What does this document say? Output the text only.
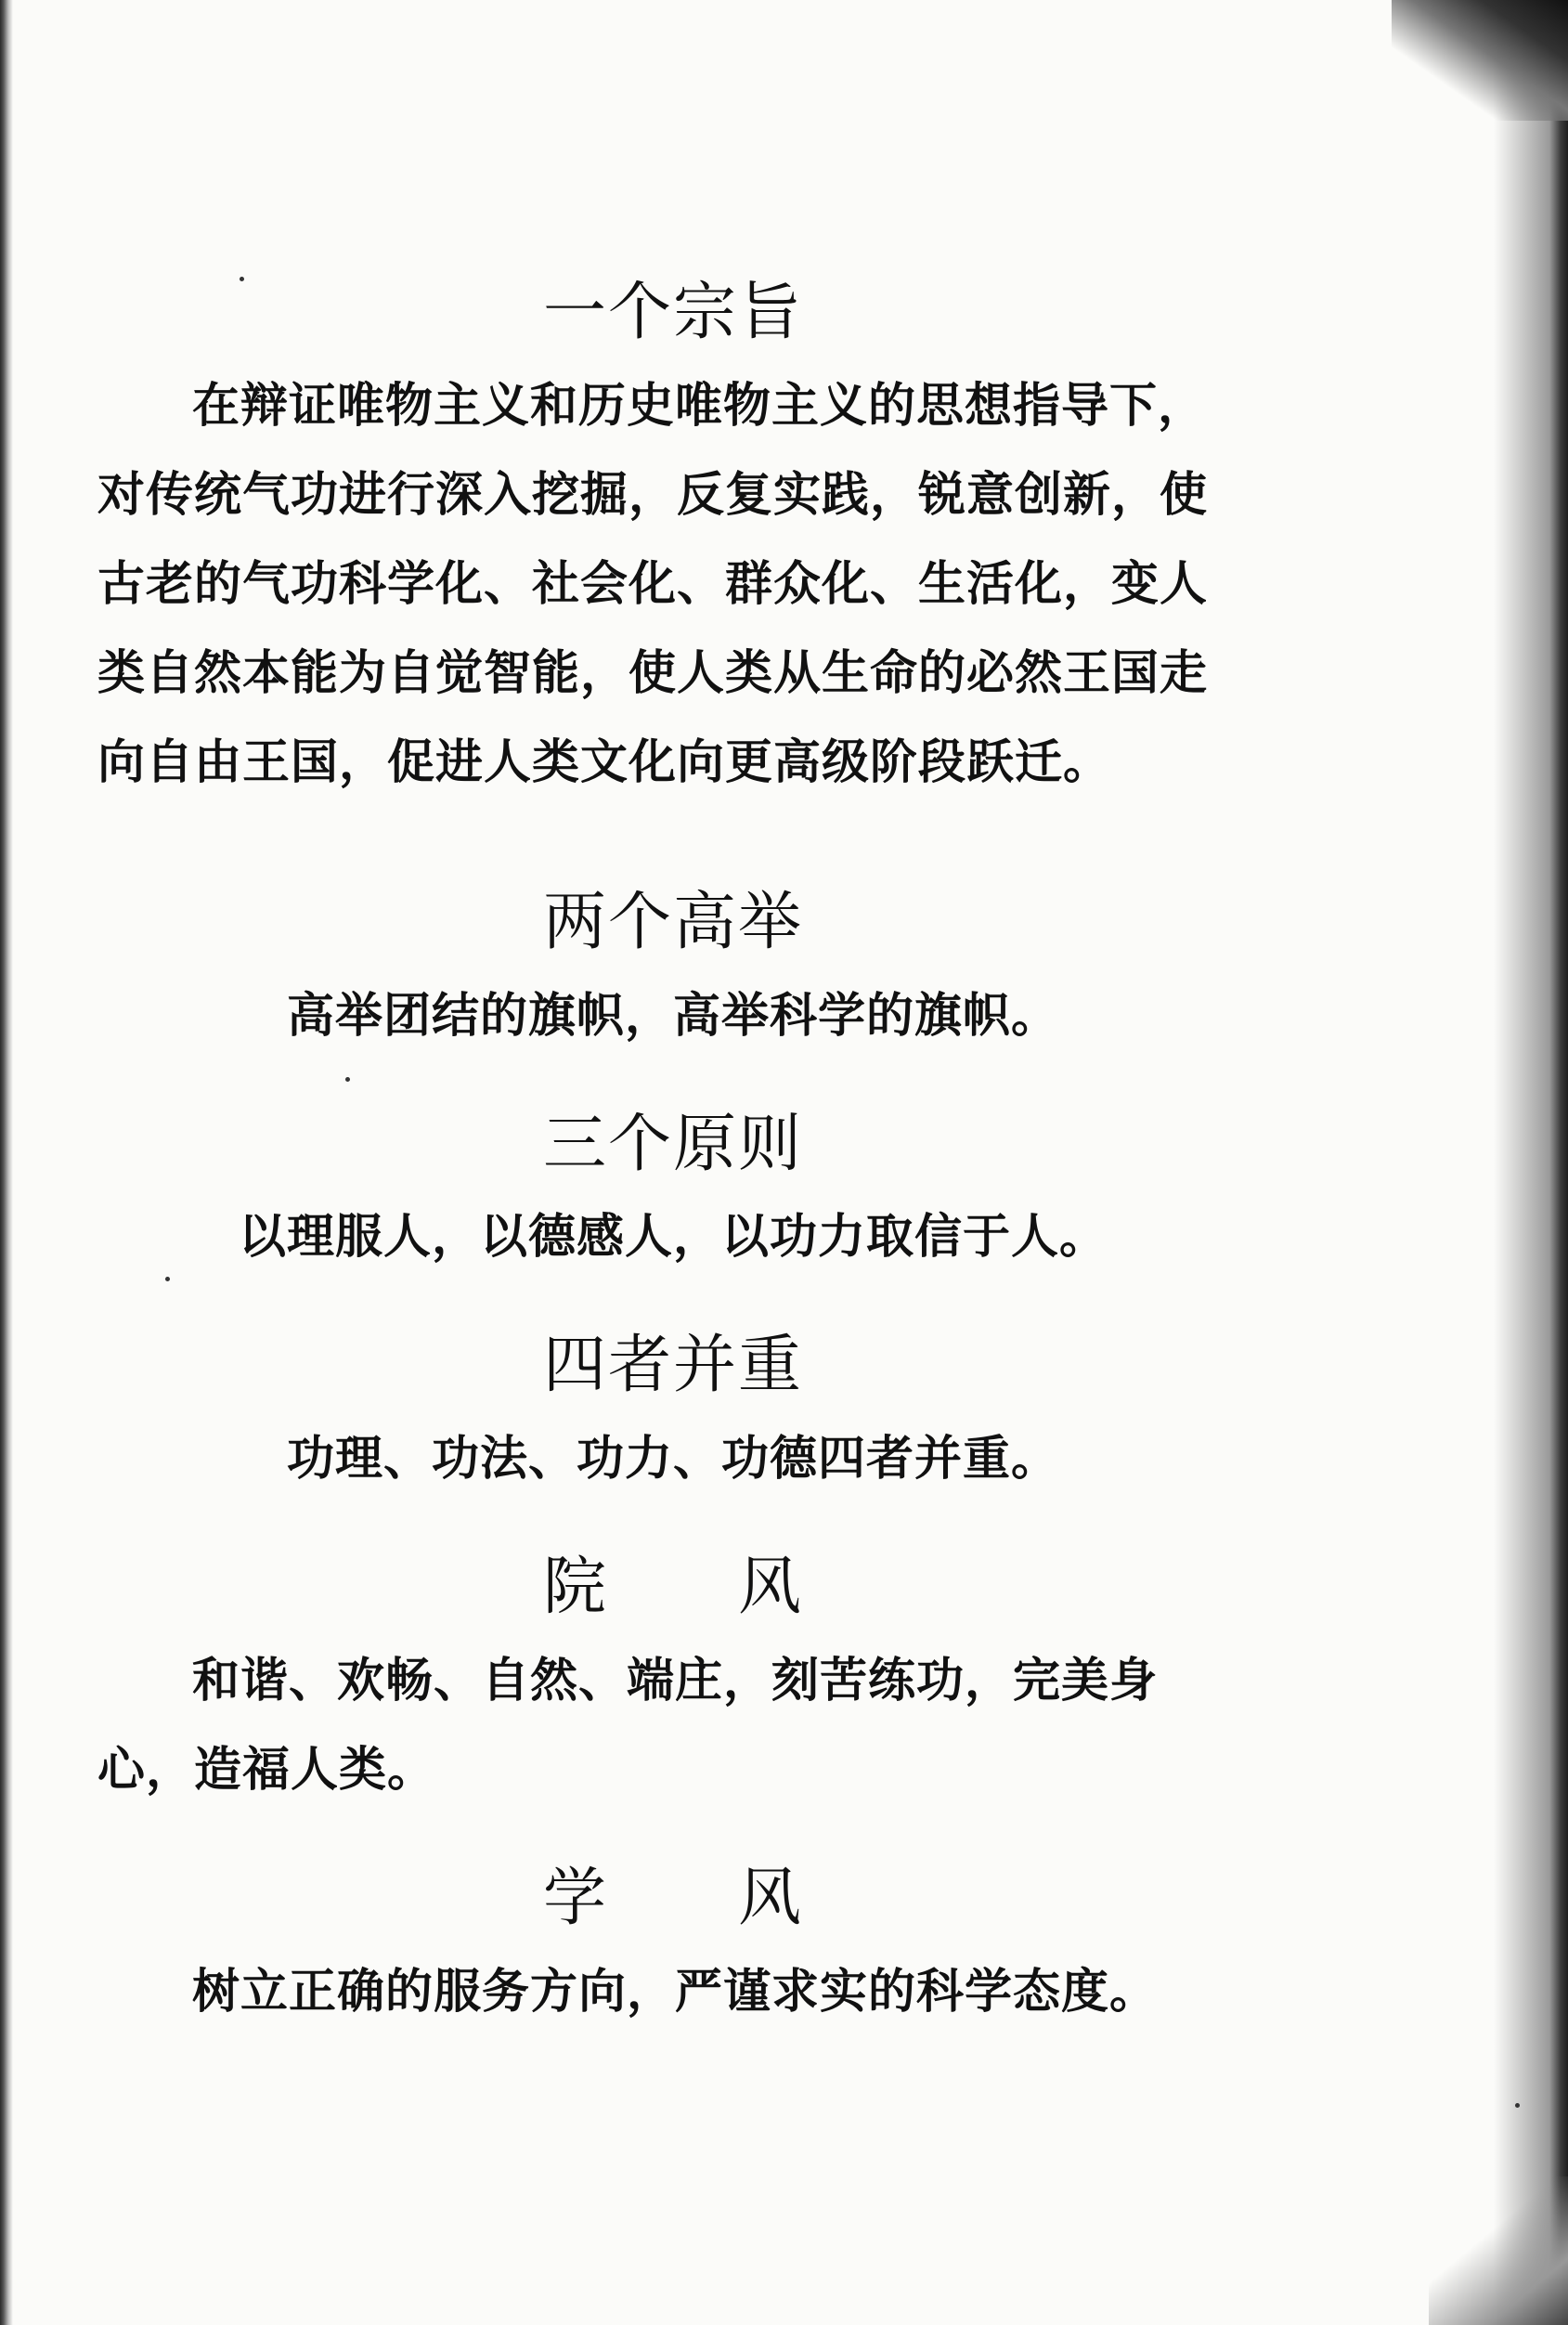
一个宗旨

在辩证唯物主义和历史唯物主义的思想指导下，对传统气功进行深入挖掘，反复实践，锐意创新，使古老的气功科学化、社会化、群众化、生活化，变人类自然本能为自觉智能，使人类从生命的必然王国走向自由王国，促进人类文化向更高级阶段跃迁。

两个高举

高举团结的旗帜，高举科学的旗帜。

三个原则

以理服人，以德感人，以功力取信于人。

四者并重

功理、功法、功力、功德四者并重。

院　　风

和谐、欢畅、自然、端庄，刻苦练功，完美身心，造福人类。

学　　风

树立正确的服务方向，严谨求实的科学态度。
